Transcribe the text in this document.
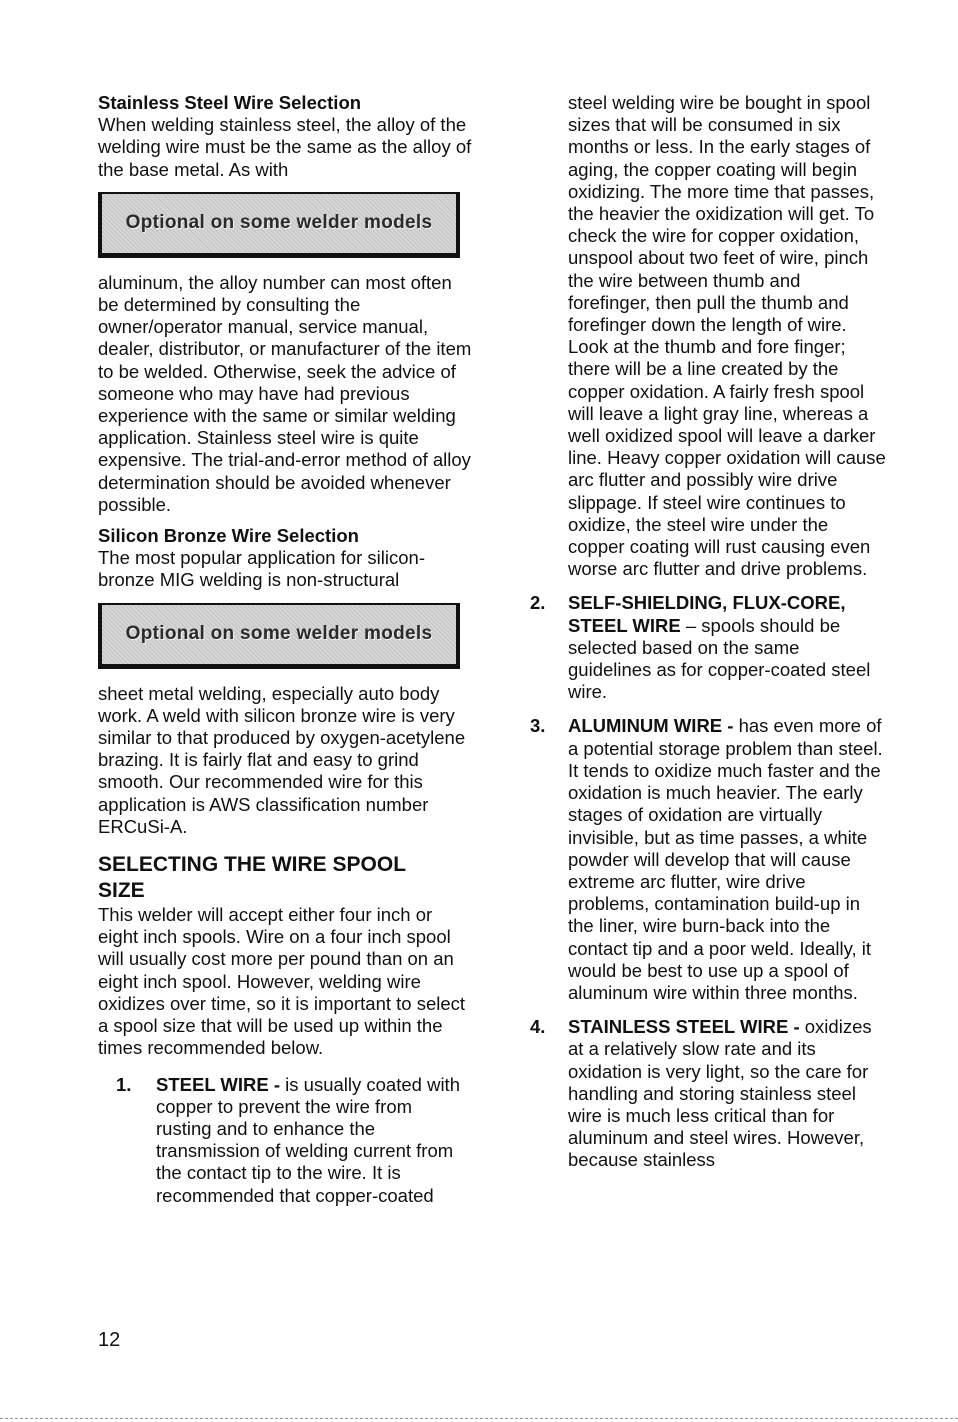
Stainless Steel Wire Selection

When welding stainless steel, the alloy of the welding wire must be the same as the alloy of the base metal. As with

Optional on some welder models

aluminum, the alloy number can most often be determined by consulting the owner/operator manual, service manual, dealer, distributor, or manufacturer of the item to be welded. Otherwise, seek the advice of someone who may have had previous experience with the same or similar welding application. Stainless steel wire is quite expensive. The trial-and-error method of alloy determination should be avoided whenever possible.

Silicon Bronze Wire Selection

The most popular application for silicon-bronze MIG welding is non-structural

Optional on some welder models

sheet metal welding, especially auto body work. A weld with silicon bronze wire is very similar to that produced by oxygen-acetylene brazing. It is fairly flat and easy to grind smooth. Our recommended wire for this application is AWS classification number ERCuSi-A.

SELECTING THE WIRE SPOOL SIZE

This welder will accept either four inch or eight inch spools. Wire on a four inch spool will usually cost more per pound than on an eight inch spool. However, welding wire oxidizes over time, so it is important to select a spool size that will be used up within the times recommended below.

1. STEEL WIRE - is usually coated with copper to prevent the wire from rusting and to enhance the transmission of welding current from the contact tip to the wire. It is recommended that copper-coated

steel welding wire be bought in spool sizes that will be consumed in six months or less. In the early stages of aging, the copper coating will begin oxidizing. The more time that passes, the heavier the oxidization will get. To check the wire for copper oxidation, unspool about two feet of wire, pinch the wire between thumb and forefinger, then pull the thumb and forefinger down the length of wire. Look at the thumb and fore finger; there will be a line created by the copper oxidation. A fairly fresh spool will leave a light gray line, whereas a well oxidized spool will leave a darker line. Heavy copper oxidation will cause arc flutter and possibly wire drive slippage. If steel wire continues to oxidize, the steel wire under the copper coating will rust causing even worse arc flutter and drive problems.

2. SELF-SHIELDING, FLUX-CORE, STEEL WIRE – spools should be selected based on the same guidelines as for copper-coated steel wire.
3. ALUMINUM WIRE - has even more of a potential storage problem than steel. It tends to oxidize much faster and the oxidation is much heavier. The early stages of oxidation are virtually invisible, but as time passes, a white powder will develop that will cause extreme arc flutter, wire drive problems, contamination build-up in the liner, wire burn-back into the contact tip and a poor weld. Ideally, it would be best to use up a spool of aluminum wire within three months.
4. STAINLESS STEEL WIRE - oxidizes at a relatively slow rate and its oxidation is very light, so the care for handling and storing stainless steel wire is much less critical than for aluminum and steel wires. However, because stainless
12
